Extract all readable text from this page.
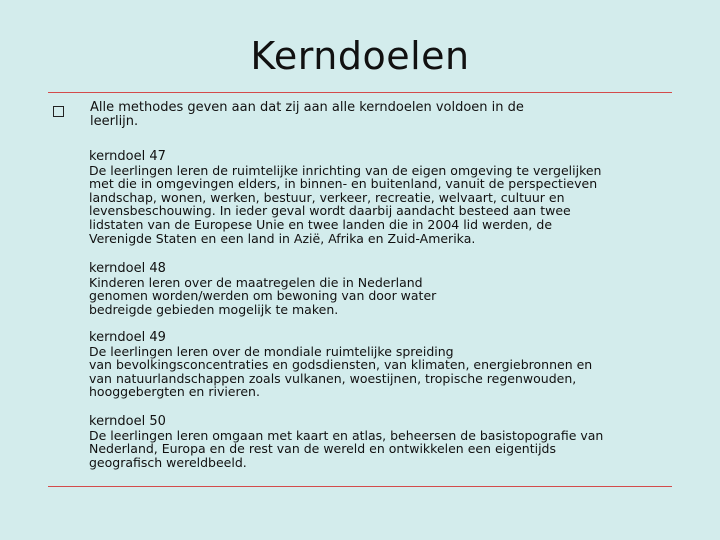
Kerndoelen
Alle methodes geven aan dat zij aan alle kerndoelen voldoen in de
leerlijn.
kerndoel 47
De leerlingen leren de ruimtelijke inrichting van de eigen omgeving te vergelijken
met die in omgevingen elders, in binnen- en buitenland, vanuit de perspectieven
landschap, wonen, werken, bestuur, verkeer, recreatie, welvaart, cultuur en
levensbeschouwing. In ieder geval wordt daarbij aandacht besteed aan twee
lidstaten van de Europese Unie en twee landen die in 2004 lid werden, de
Verenigde Staten en een land in Azië, Afrika en Zuid-Amerika.
kerndoel 48
Kinderen leren over de maatregelen die in Nederland
genomen worden/werden om bewoning van door water
bedreigde gebieden mogelijk te maken.
kerndoel 49
De leerlingen leren over de mondiale ruimtelijke spreiding
van bevolkingsconcentraties en godsdiensten, van klimaten, energiebronnen en
van natuurlandschappen zoals vulkanen, woestijnen, tropische regenwouden,
hooggebergten en rivieren.
kerndoel 50
De leerlingen leren omgaan met kaart en atlas, beheersen de basistopografie van
Nederland, Europa en de rest van de wereld en ontwikkelen een eigentijds
geografisch wereldbeeld.
